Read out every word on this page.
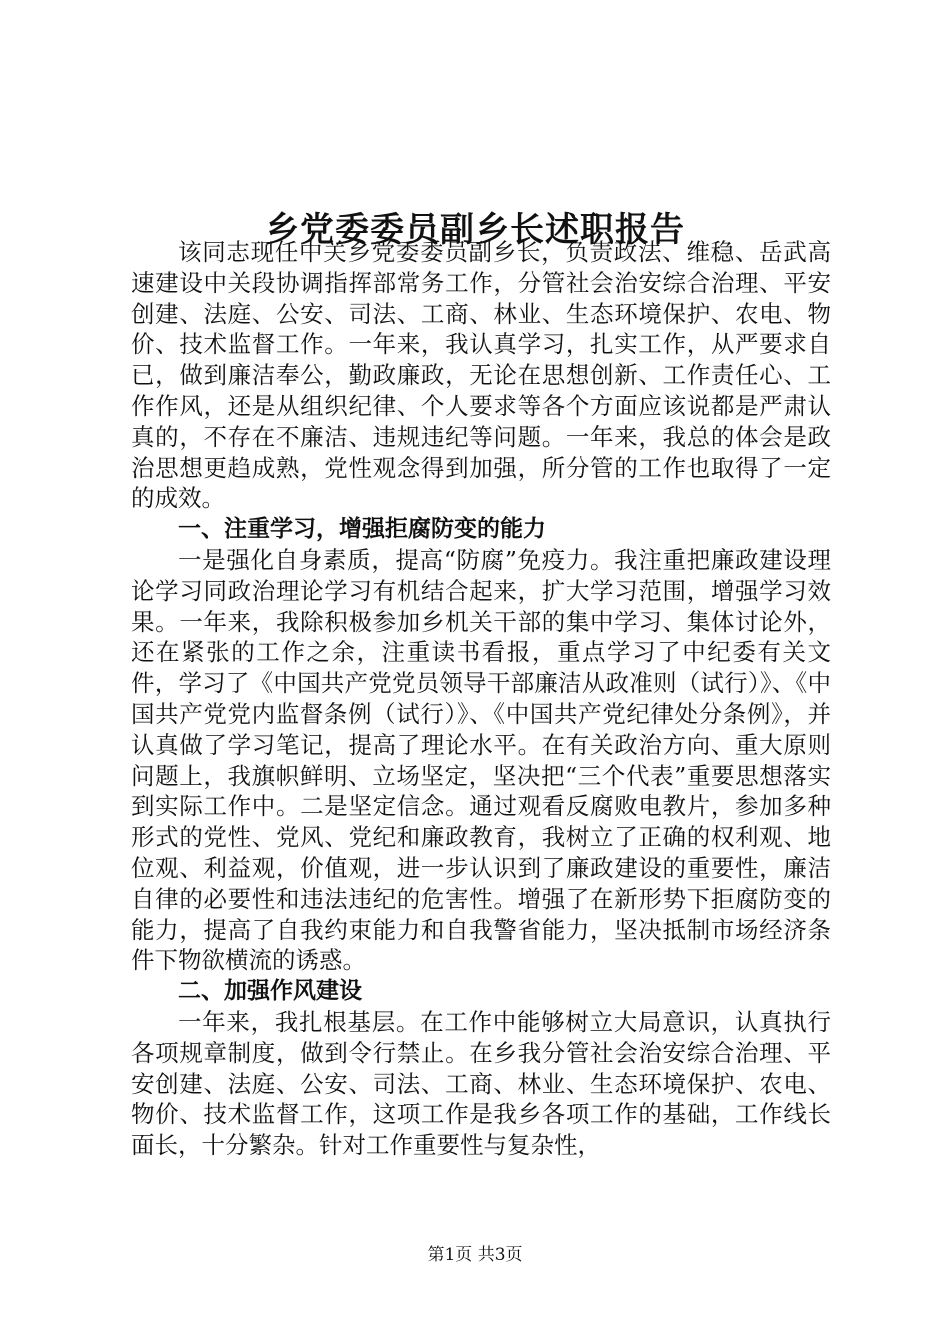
乡党委委员副乡长述职报告

该同志现任中关乡党委委员副乡长，负责政法、维稳、岳武高速建设中关段协调指挥部常务工作，分管社会治安综合治理、平安创建、法庭、公安、司法、工商、林业、生态环境保护、农电、物价、技术监督工作。一年来，我认真学习，扎实工作，从严要求自已，做到廉洁奉公，勤政廉政，无论在思想创新、工作责任心、工作作风，还是从组织纪律、个人要求等各个方面应该说都是严肃认真的，不存在不廉洁、违规违纪等问题。一年来，我总的体会是政治思想更趋成熟，党性观念得到加强，所分管的工作也取得了一定的成效。

一、注重学习，增强拒腐防变的能力

一是强化自身素质，提高“防腐”免疫力。我注重把廉政建设理论学习同政治理论学习有机结合起来，扩大学习范围，增强学习效果。一年来，我除积极参加乡机关干部的集中学习、集体讨论外，还在紧张的工作之余，注重读书看报，重点学习了中纪委有关文件，学习了《中国共产党党员领导干部廉洁从政准则（试行）》、《中国共产党党内监督条例（试行）》、《中国共产党纪律处分条例》，并认真做了学习笔记，提高了理论水平。在有关政治方向、重大原则问题上，我旗帜鲜明、立场坚定，坚决把“三个代表”重要思想落实到实际工作中。二是坚定信念。通过观看反腐败电教片，参加多种形式的党性、党风、党纪和廉政教育，我树立了正确的权利观、地位观、利益观，价值观，进一步认识到了廉政建设的重要性，廉洁自律的必要性和违法违纪的危害性。增强了在新形势下拒腐防变的能力，提高了自我约束能力和自我警省能力，坚决抵制市场经济条件下物欲横流的诱惑。

二、加强作风建设

一年来，我扎根基层。在工作中能够树立大局意识，认真执行各项规章制度，做到令行禁止。在乡我分管社会治安综合治理、平安创建、法庭、公安、司法、工商、林业、生态环境保护、农电、物价、技术监督工作，这项工作是我乡各项工作的基础，工作线长面长，十分繁杂。针对工作重要性与复杂性，

第1页 共3页
